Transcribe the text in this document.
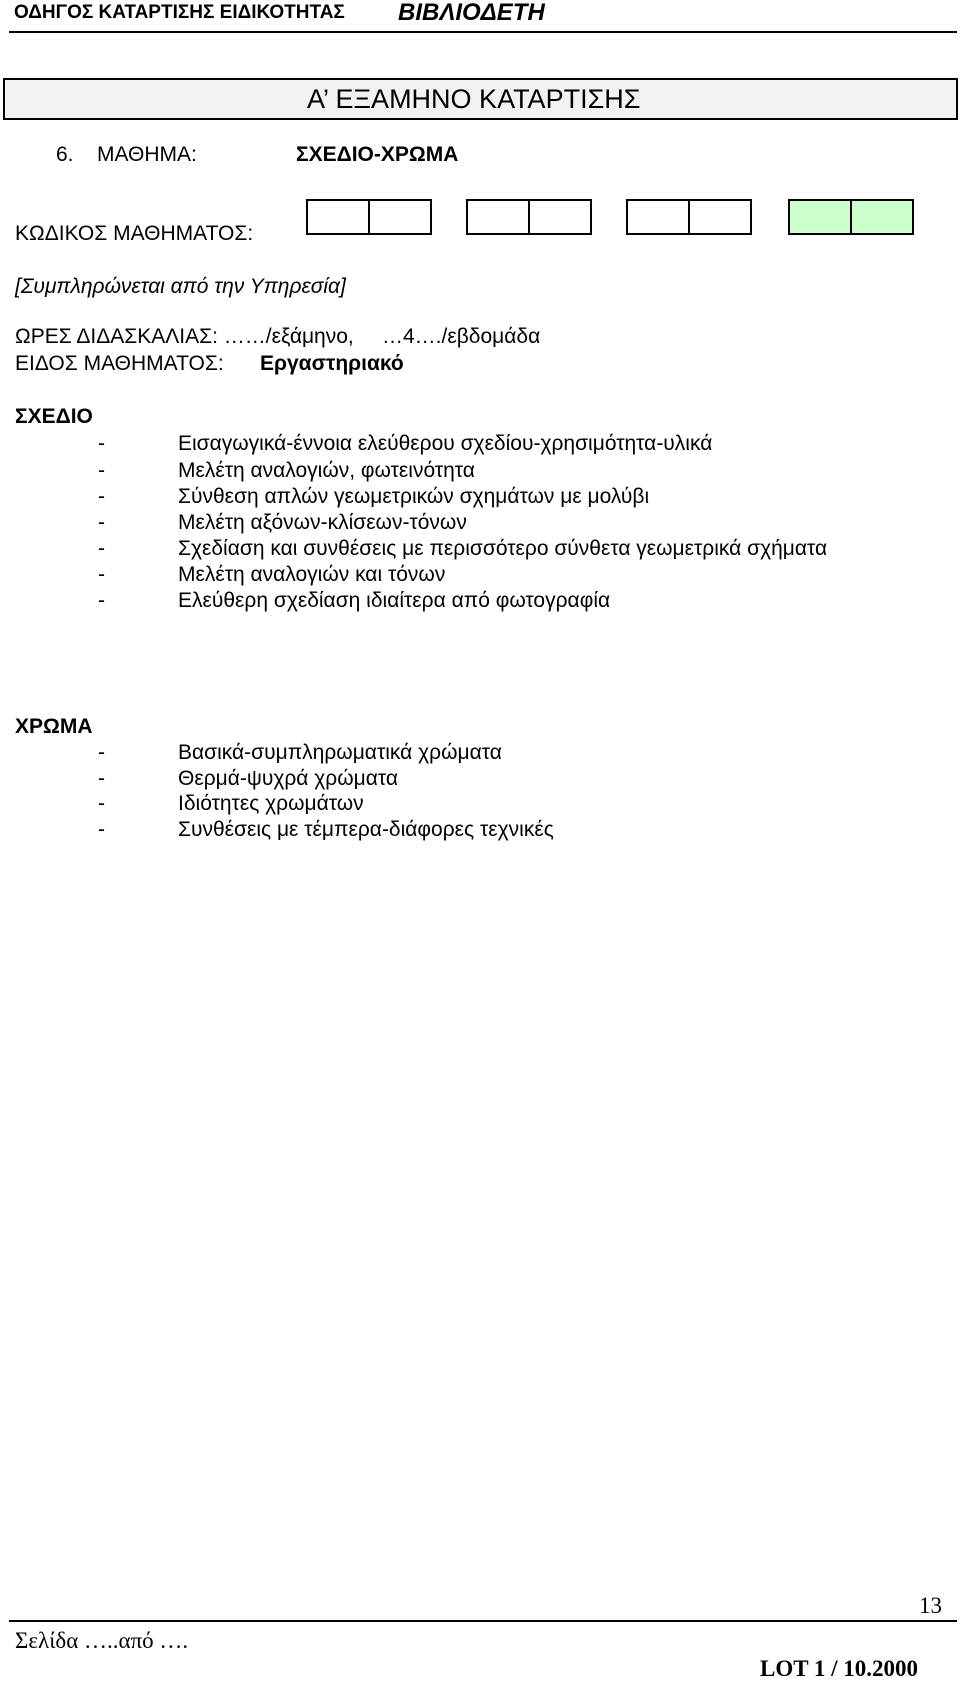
ΟΔΗΓΟΣ ΚΑΤΑΡΤΙΣΗΣ ΕΙΔΙΚΟΤΗΤΑΣ ΒΙΒΛΙΟΔΕΤΗ
Α’ ΕΞΑΜΗΝΟ ΚΑΤΑΡΤΙΣΗΣ
6. ΜΑΘΗΜΑ:	ΣΧΕΔΙΟ-ΧΡΩΜΑ
ΚΩΔΙΚΟΣ ΜΑΘΗΜΑΤΟΣ:
[Συμπληρώνεται από την Υπηρεσία]
ΩΡΕΣ ΔΙΔΑΣΚΑΛΙΑΣ: ……/εξάμηνο, …4…./εβδομάδα
ΕΙΔΟΣ ΜΑΘΗΜΑΤΟΣ: Εργαστηριακό
ΣΧΕΔΙΟ
-	Εισαγωγικά-έννοια ελεύθερου σχεδίου-χρησιμότητα-υλικά
-	Μελέτη αναλογιών, φωτεινότητα
-	Σύνθεση απλών γεωμετρικών σχημάτων με μολύβι
-	Μελέτη αξόνων-κλίσεων-τόνων
-	Σχεδίαση και συνθέσεις με περισσότερο σύνθετα γεωμετρικά σχήματα
-	Μελέτη αναλογιών και τόνων
-	Ελεύθερη σχεδίαση ιδιαίτερα από φωτογραφία
ΧΡΩΜΑ
-	Βασικά-συμπληρωματικά χρώματα
-	Θερμά-ψυχρά χρώματα
-	Ιδιότητες χρωμάτων
-	Συνθέσεις με τέμπερα-διάφορες τεχνικές
13
Σελίδα …..από ….
LOT 1 / 10.2000
